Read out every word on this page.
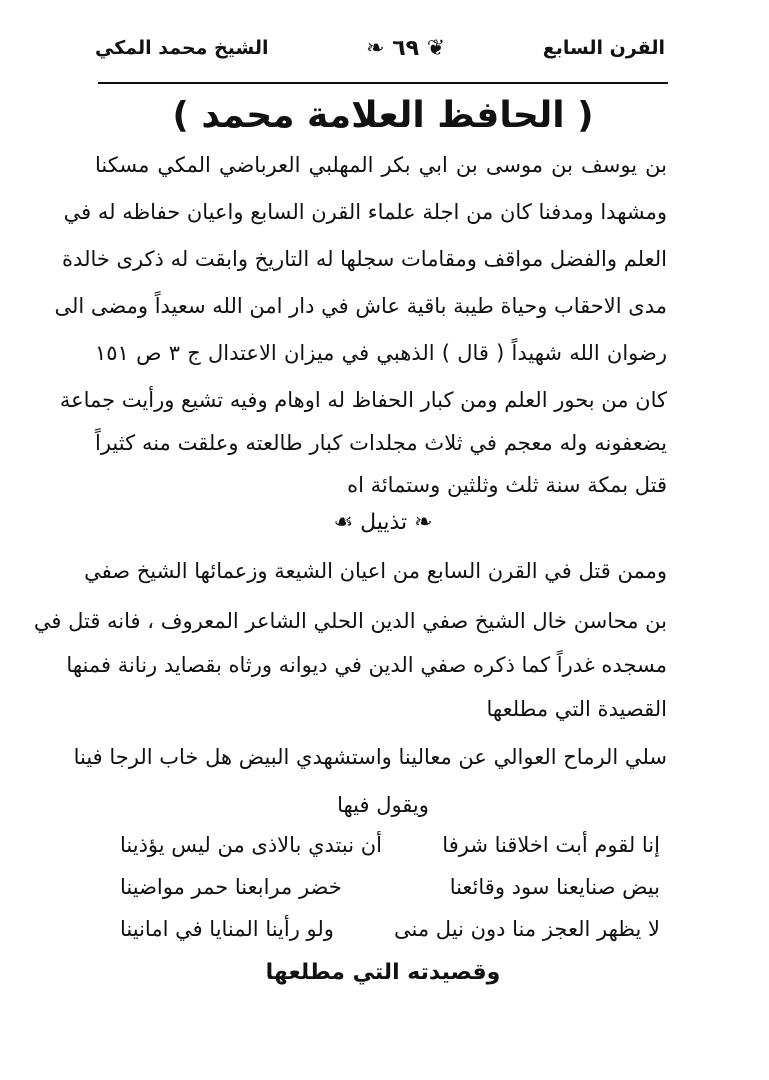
القرن السابع
❦ ٦٩ ❧
الشيخ محمد المكي
( الحافظ العلامة محمد )
بن يوسف بن موسى بن ابي بكر المهلبي العرباضي المكي مسكنا
ومشهدا ومدفنا كان من اجلة علماء القرن السابع واعيان حفاظه له في
العلم والفضل مواقف ومقامات سجلها له التاريخ وابقت له ذكرى خالدة
مدى الاحقاب وحياة طيبة باقية عاش في دار امن الله سعيداً ومضى الى
رضوان الله شهيداً ( قال ) الذهبي في ميزان الاعتدال ج ٣ ص ١٥١
كان من بحور العلم ومن كبار الحفاظ له اوهام وفيه تشيع ورأيت جماعة
يضعفونه وله معجم في ثلاث مجلدات كبار طالعته وعلقت منه كثيراً
قتل بمكة سنة ثلث وثلثين وستمائة اه
❧ تذييل ☙
وممن قتل في القرن السابع من اعيان الشيعة وزعمائها الشيخ صفي
بن محاسن خال الشيخ صفي الدين الحلي الشاعر المعروف ، فانه قتل في
مسجده غدراً كما ذكره صفي الدين في ديوانه ورثاه بقصايد رنانة فمنها
القصيدة التي مطلعها
سلي الرماح العوالي عن معالينا واستشهدي البيض هل خاب الرجا فينا
ويقول فيها
إنا لقوم أبت اخلاقنا شرفا
أن نبتدي بالاذى من ليس يؤذينا
بيض صنايعنا سود وقائعنا
خضر مرابعنا حمر مواضينا
لا يظهر العجز منا دون نيل منى
ولو رأينا المنايا في امانينا
وقصيدته التي مطلعها
